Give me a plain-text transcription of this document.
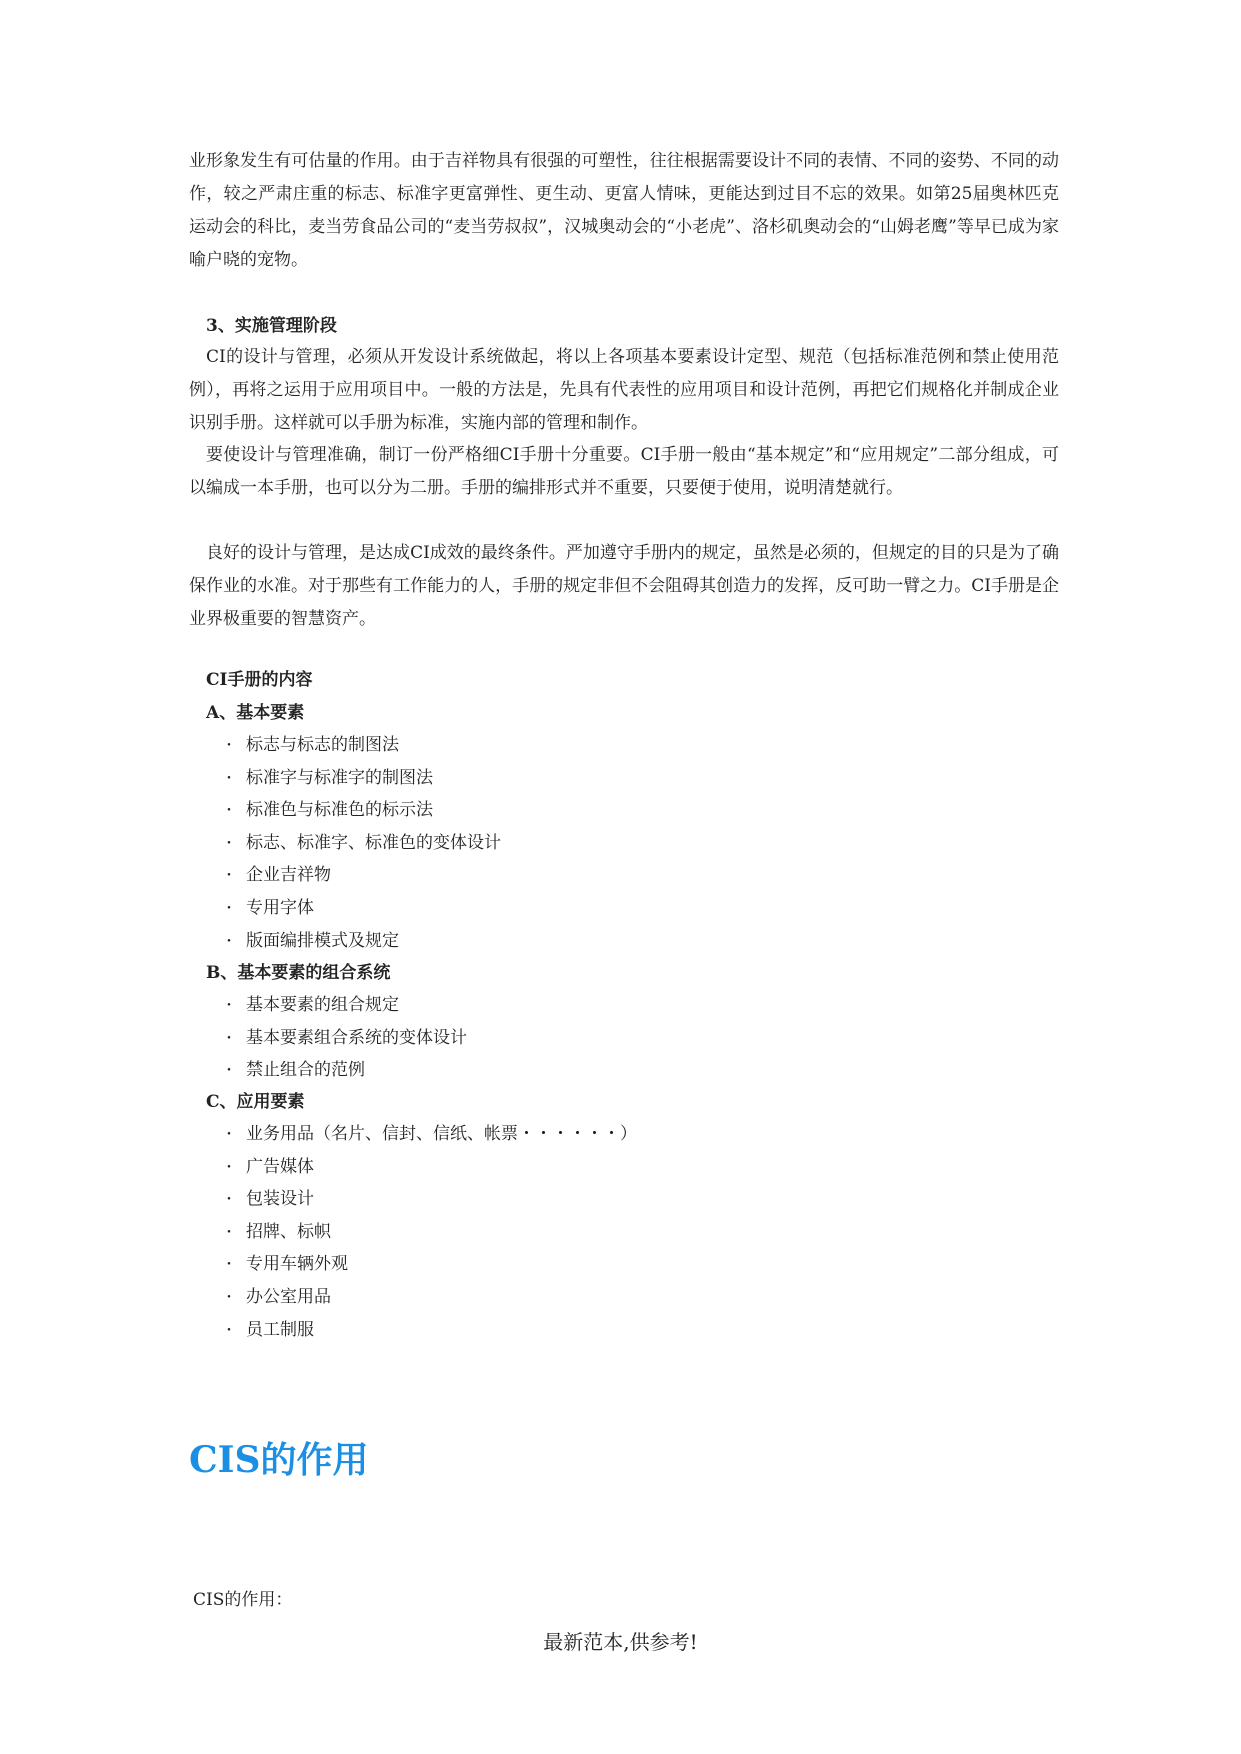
业形象发生有可估量的作用。由于吉祥物具有很强的可塑性，往往根据需要设计不同的表情、不同的姿势、不同的动作，较之严肃庄重的标志、标准字更富弹性、更生动、更富人情味，更能达到过目不忘的效果。如第25届奥林匹克运动会的科比，麦当劳食品公司的“麦当劳叔叔”，汉城奥动会的“小老虎”、洛杉矶奥动会的“山姆老鹰”等早已成为家喻户晓的宠物。

3、实施管理阶段

CI的设计与管理，必须从开发设计系统做起，将以上各项基本要素设计定型、规范（包括标准范例和禁止使用范例），再将之运用于应用项目中。一般的方法是，先具有代表性的应用项目和设计范例，再把它们规格化并制成企业识别手册。这样就可以手册为标准，实施内部的管理和制作。

要使设计与管理准确，制订一份严格细CI手册十分重要。CI手册一般由“基本规定”和“应用规定”二部分组成，可以编成一本手册，也可以分为二册。手册的编排形式并不重要，只要便于使用，说明清楚就行。

良好的设计与管理，是达成CI成效的最终条件。严加遵守手册内的规定，虽然是必须的，但规定的目的只是为了确保作业的水准。对于那些有工作能力的人，手册的规定非但不会阻碍其创造力的发挥，反可助一臂之力。CI手册是企业界极重要的智慧资产。

CI手册的内容

A、基本要素

・ 标志与标志的制图法
・ 标准字与标准字的制图法
・ 标准色与标准色的标示法
・ 标志、标准字、标准色的变体设计
・ 企业吉祥物
・ 专用字体
・ 版面编排模式及规定

B、基本要素的组合系统

・ 基本要素的组合规定
・ 基本要素组合系统的变体设计
・ 禁止组合的范例

C、应用要素

・ 业务用品（名片、信封、信纸、帐票・・・・・・）
・ 广告媒体
・ 包装设计
・ 招牌、标帜
・ 专用车辆外观
・ 办公室用品
・ 员工制服
CIS的作用

CIS的作用：

最新范本,供参考!
